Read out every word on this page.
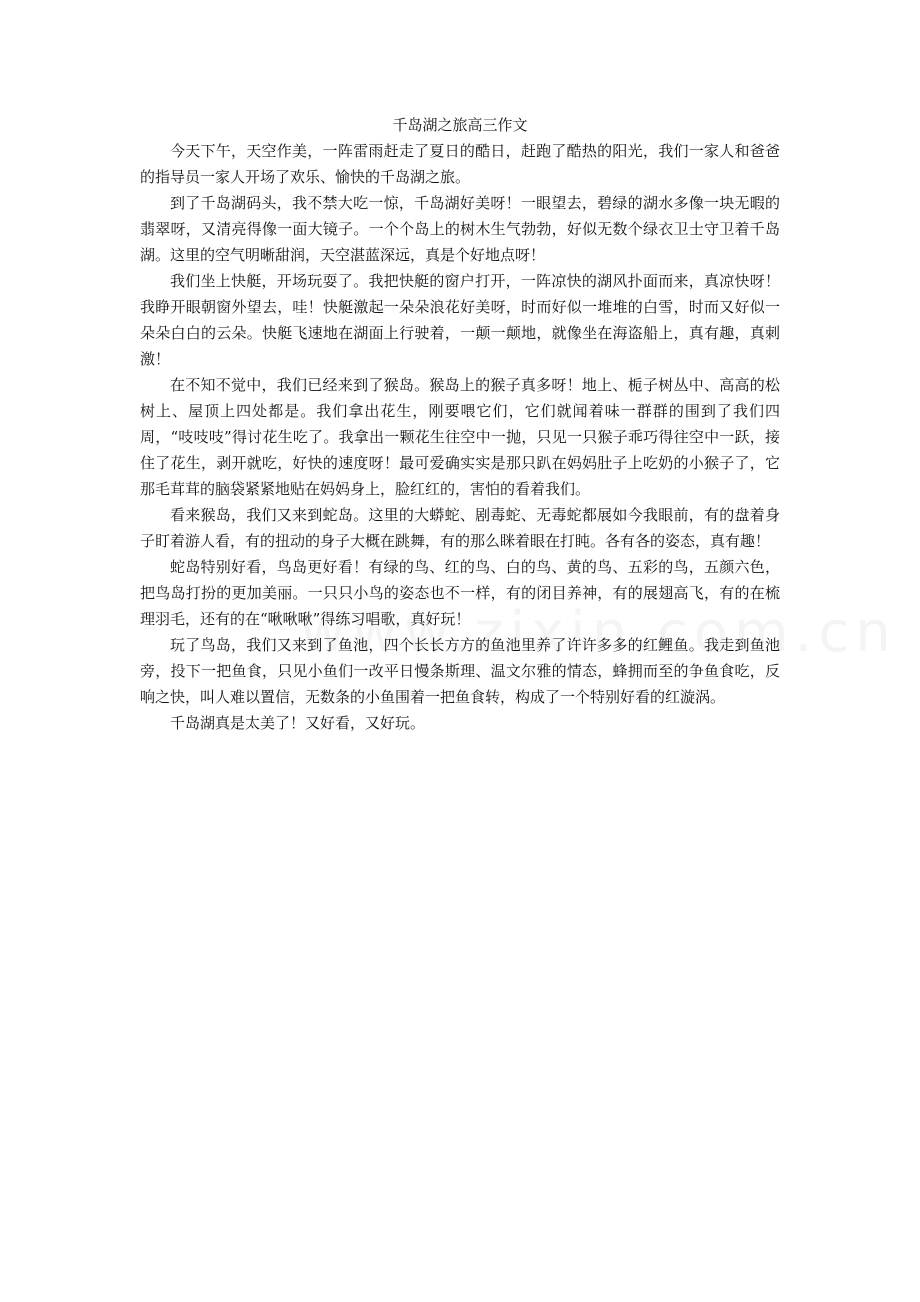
千岛湖之旅高三作文

今天下午，天空作美，一阵雷雨赶走了夏日的酷日，赶跑了酷热的阳光，我们一家人和爸爸的指导员一家人开场了欢乐、愉快的千岛湖之旅。

到了千岛湖码头，我不禁大吃一惊，千岛湖好美呀！一眼望去，碧绿的湖水多像一块无暇的翡翠呀，又清亮得像一面大镜子。一个个岛上的树木生气勃勃，好似无数个绿衣卫士守卫着千岛湖。这里的空气明晰甜润，天空湛蓝深远，真是个好地点呀！

我们坐上快艇，开场玩耍了。我把快艇的窗户打开，一阵凉快的湖风扑面而来，真凉快呀！我睁开眼朝窗外望去，哇！快艇激起一朵朵浪花好美呀，时而好似一堆堆的白雪，时而又好似一朵朵白白的云朵。快艇飞速地在湖面上行驶着，一颠一颠地，就像坐在海盗船上，真有趣，真刺激！

在不知不觉中，我们已经来到了猴岛。猴岛上的猴子真多呀！地上、栀子树丛中、高高的松树上、屋顶上四处都是。我们拿出花生，刚要喂它们，它们就闻着味一群群的围到了我们四周，“吱吱吱”得讨花生吃了。我拿出一颗花生往空中一抛，只见一只猴子乖巧得往空中一跃，接住了花生，剥开就吃，好快的速度呀！最可爱确实实是那只趴在妈妈肚子上吃奶的小猴子了，它那毛茸茸的脑袋紧紧地贴在妈妈身上，脸红红的，害怕的看着我们。

看来猴岛，我们又来到蛇岛。这里的大蟒蛇、剧毒蛇、无毒蛇都展如今我眼前，有的盘着身子盯着游人看，有的扭动的身子大概在跳舞，有的那么眯着眼在打盹。各有各的姿态，真有趣！

蛇岛特别好看，鸟岛更好看！有绿的鸟、红的鸟、白的鸟、黄的鸟、五彩的鸟，五颜六色，把鸟岛打扮的更加美丽。一只只小鸟的姿态也不一样，有的闭目养神，有的展翅高飞，有的在梳理羽毛，还有的在“啾啾啾”得练习唱歌，真好玩！

玩了鸟岛，我们又来到了鱼池，四个长长方方的鱼池里养了许许多多的红鲤鱼。我走到鱼池旁，投下一把鱼食，只见小鱼们一改平日慢条斯理、温文尔雅的情态，蜂拥而至的争鱼食吃，反响之快，叫人难以置信，无数条的小鱼围着一把鱼食转，构成了一个特别好看的红漩涡。

千岛湖真是太美了！又好看，又好玩。
